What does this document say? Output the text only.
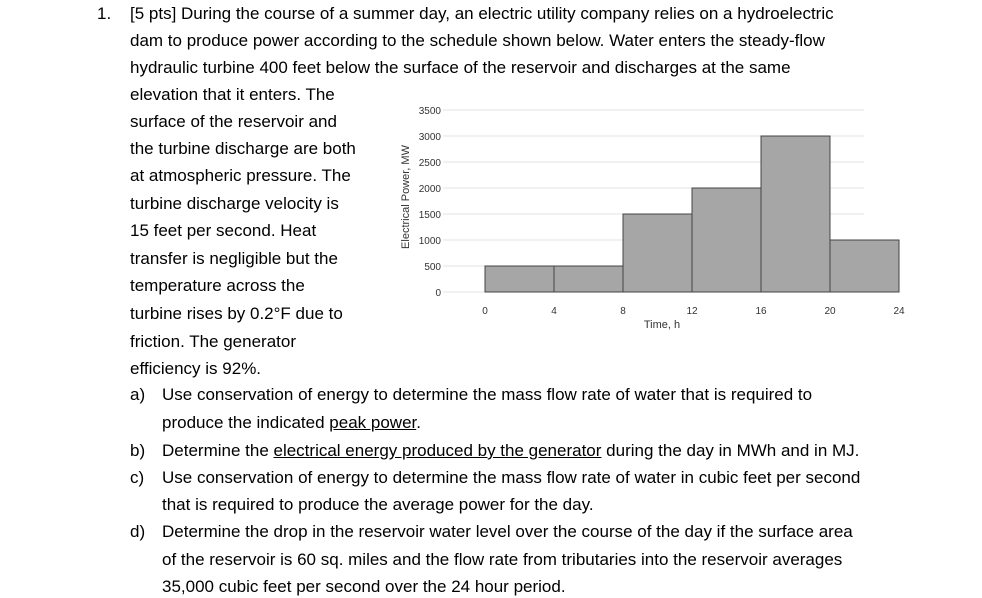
1. [5 pts] During the course of a summer day, an electric utility company relies on a hydroelectric
dam to produce power according to the schedule shown below. Water enters the steady-flow
hydraulic turbine 400 feet below the surface of the reservoir and discharges at the same
elevation that it enters. The
surface of the reservoir and
the turbine discharge are both
at atmospheric pressure. The
turbine discharge velocity is
15 feet per second. Heat
transfer is negligible but the
temperature across the
turbine rises by 0.2°F due to
friction. The generator
efficiency is 92%.
0
500
1000
1500
2000
2500
3000
3500
0	4	8	12	16	20	24
Time, h
Electrical Power, MW
a) Use conservation of energy to determine the mass flow rate of water that is required to
produce the indicated peak power.
b) Determine the electrical energy produced by the generator during the day in MWh and in MJ.
c) Use conservation of energy to determine the mass flow rate of water in cubic feet per second
that is required to produce the average power for the day.
d) Determine the drop in the reservoir water level over the course of the day if the surface area
of the reservoir is 60 sq. miles and the flow rate from tributaries into the reservoir averages
35,000 cubic feet per second over the 24 hour period.
